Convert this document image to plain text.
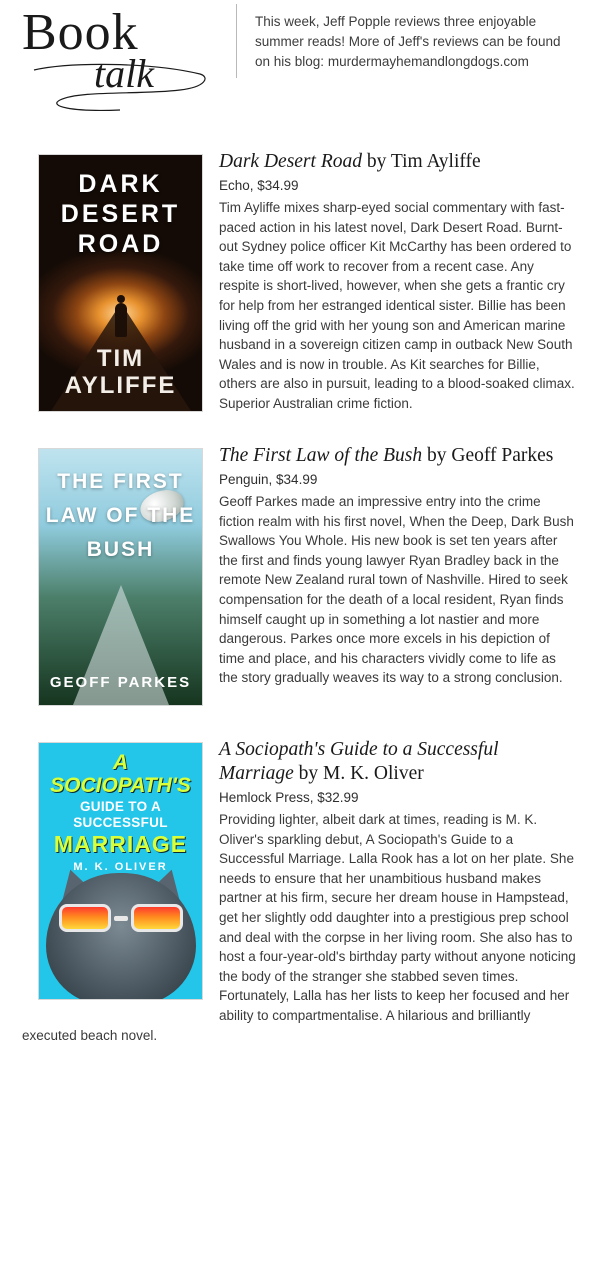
Book
talk
This week, Jeff Popple reviews three enjoyable summer reads! More of Jeff's reviews can be found on his blog: murdermayhemandlongdogs.com
DARK DESERT ROAD
TIM AYLIFFE
Dark Desert Road by Tim Ayliffe

Echo, $34.99

Tim Ayliffe mixes sharp-eyed social commentary with fast-paced action in his latest novel, Dark Desert Road. Burnt-out Sydney police officer Kit McCarthy has been ordered to take time off work to recover from a recent case. Any respite is short-lived, however, when she gets a frantic cry for help from her estranged identical sister. Billie has been living off the grid with her young son and American marine husband in a sovereign citizen camp in outback New South Wales and is now in trouble. As Kit searches for Billie, others are also in pursuit, leading to a blood-soaked climax. Superior Australian crime fiction.

THE FIRST LAW OF THE BUSH
GEOFF PARKES
The First Law of the Bush by Geoff Parkes

Penguin, $34.99

Geoff Parkes made an impressive entry into the crime fiction realm with his first novel, When the Deep, Dark Bush Swallows You Whole. His new book is set ten years after the first and finds young lawyer Ryan Bradley back in the remote New Zealand rural town of Nashville. Hired to seek compensation for the death of a local resident, Ryan finds himself caught up in something a lot nastier and more dangerous. Parkes once more excels in his depiction of time and place, and his characters vividly come to life as the story gradually weaves its way to a strong conclusion.

A SOCIOPATH'S
GUIDE TO A SUCCESSFUL
MARRIAGE
M. K. OLIVER
A Sociopath's Guide to a Successful Marriage by M. K. Oliver

Hemlock Press, $32.99

Providing lighter, albeit dark at times, reading is M. K. Oliver's sparkling debut, A Sociopath's Guide to a Successful Marriage. Lalla Rook has a lot on her plate. She needs to ensure that her unambitious husband makes partner at his firm, secure her dream house in Hampstead, get her slightly odd daughter into a prestigious prep school and deal with the corpse in her living room. She also has to host a four-year-old's birthday party without anyone noticing the body of the stranger she stabbed seven times. Fortunately, Lalla has her lists to keep her focused and her ability to compartmentalise. A hilarious and brilliantly executed beach novel.
